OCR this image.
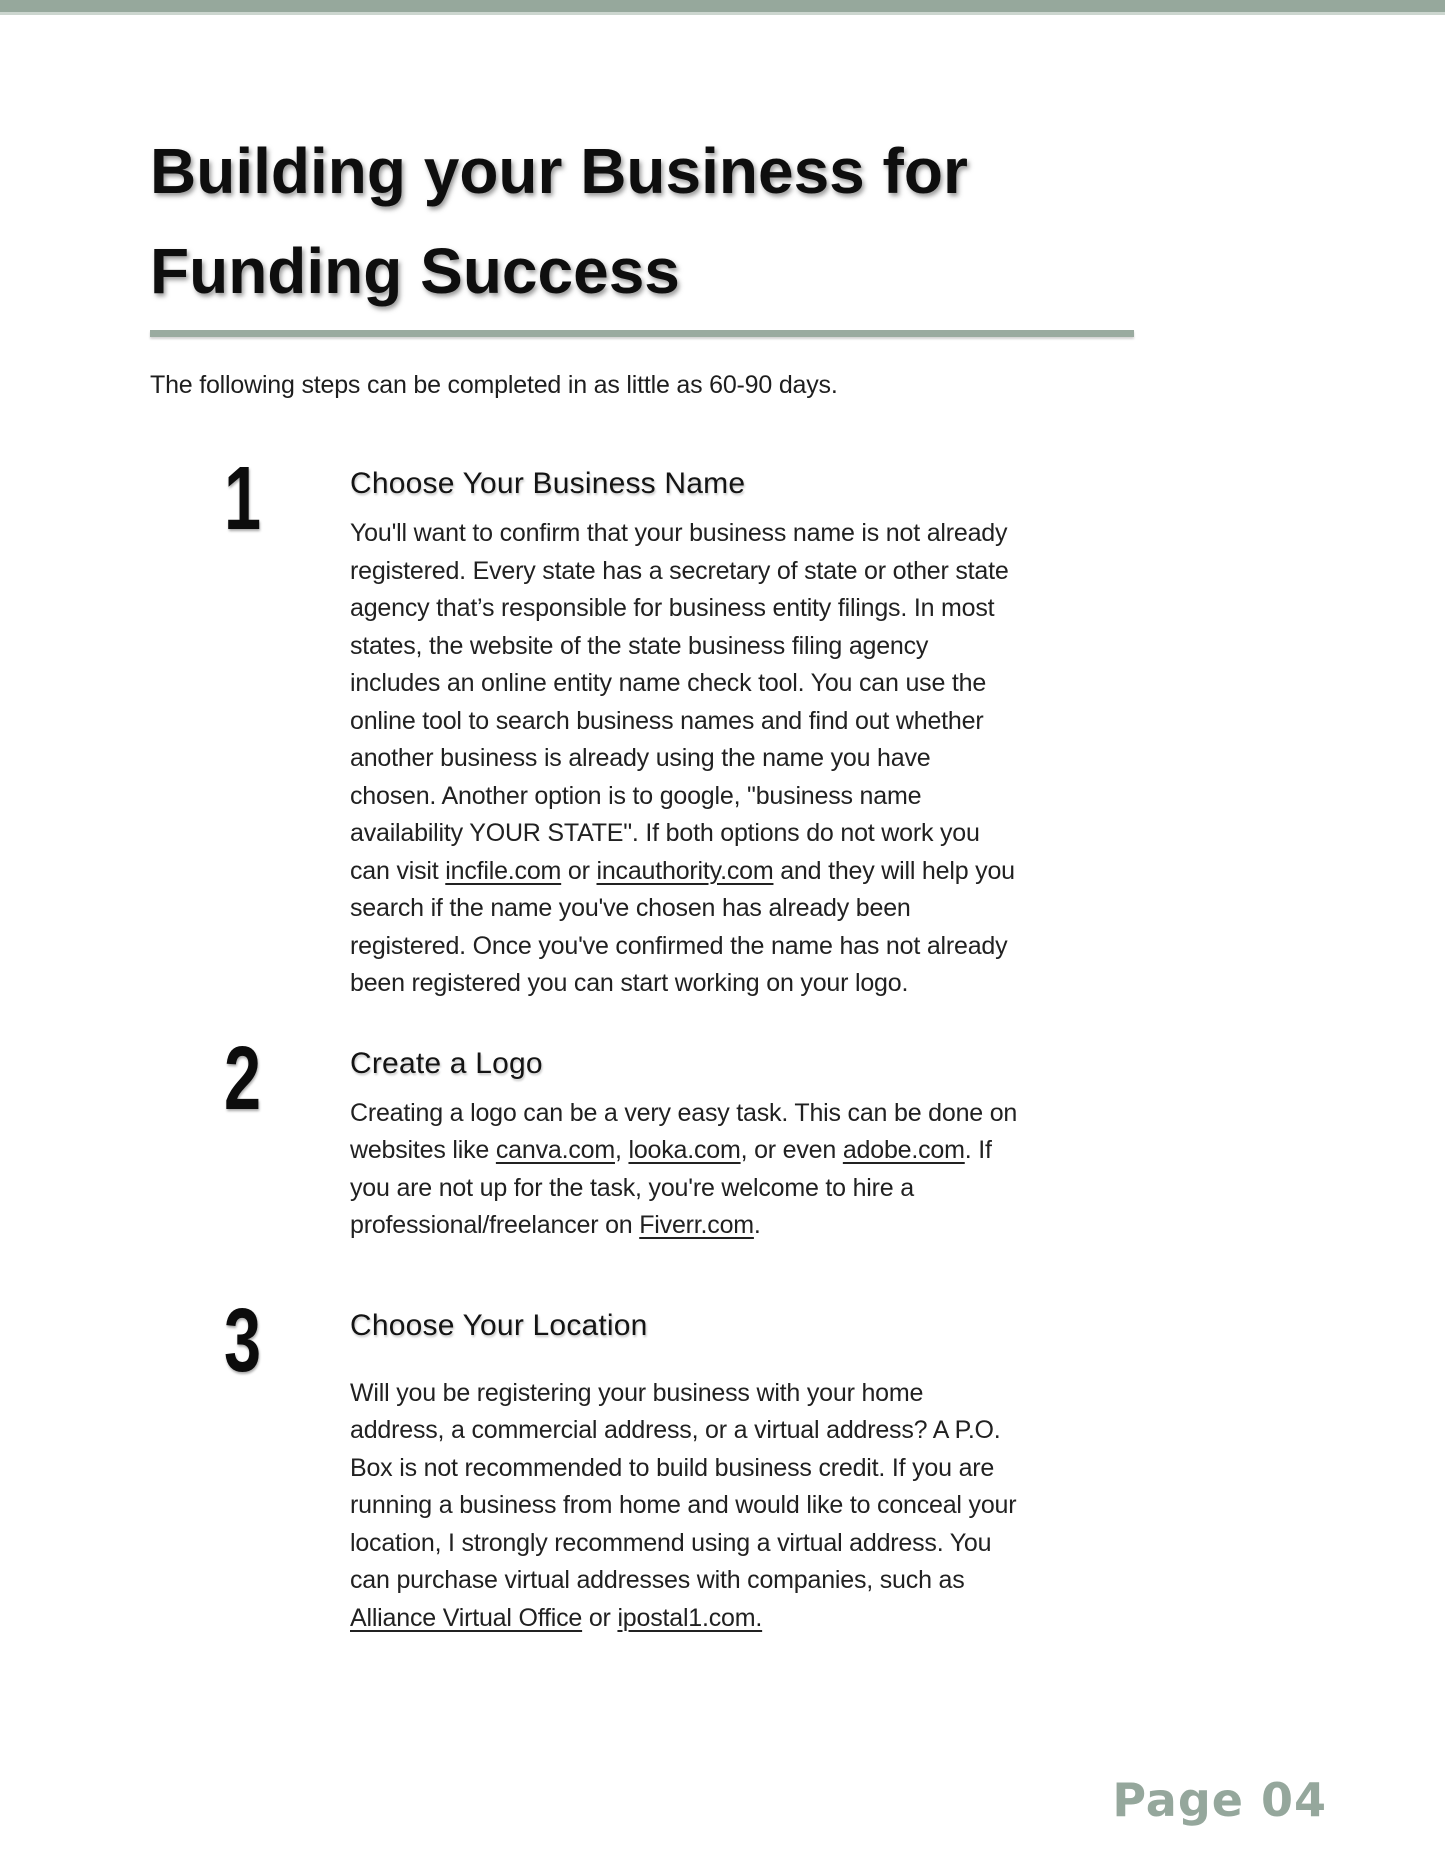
Building your Business for
Funding Success

The following steps can be completed in as little as 60-90 days.

1	Choose Your Business Name

You'll want to confirm that your business name is not already registered. Every state has a secretary of state or other state agency that’s responsible for business entity filings. In most states, the website of the state business filing agency includes an online entity name check tool. You can use the online tool to search business names and find out whether another business is already using the name you have chosen. Another option is to google, "business name availability YOUR STATE". If both options do not work you can visit incfile.com or incauthority.com and they will help you search if the name you've chosen has already been registered. Once you've confirmed the name has not already been registered you can start working on your logo.

2	Create a Logo

Creating a logo can be a very easy task. This can be done on websites like canva.com, looka.com, or even adobe.com. If you are not up for the task, you're welcome to hire a professional/freelancer on Fiverr.com.

3	Choose Your Location

Will you be registering your business with your home address, a commercial address, or a virtual address? A P.O. Box is not recommended to build business credit. If you are running a business from home and would like to conceal your location, I strongly recommend using a virtual address. You can purchase virtual addresses with companies, such as Alliance Virtual Office or ipostal1.com.

Page 04
